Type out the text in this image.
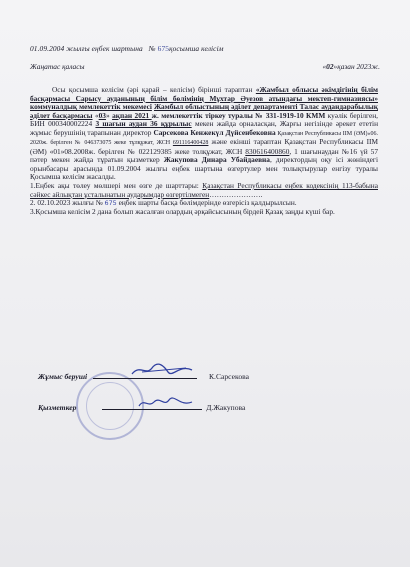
01.09.2004 жылғы еңбек шартына № 675қосымша келісім
Жаңатас қаласы	«02»қазан 2023ж.

Осы қосымша келісім (әрі қарай – келісім) бірінші тараптан «Жамбыл облысы әкімдігінің білім басқармасы Сарысу ауданының білім бөлімінің Мұхтар Әуезов атындағы мектеп-гимназиясы» коммуналдық мемлекеттік мекемесі Жамбыл облыстының әділет департаменті Талас аудандарабылық әділет басқармасы «03» ақпан 2021 ж. мемлекеттік тіркеу туралы № 331-1919-10 КММ куәлік берілген, БИН 000340002224 3 шағын аудан 36 құрылыс мекен жайда орналасқан, Жарғы негізінде әрекет ететін жұмыс берушінің тарапынан директор Сарсекова Кенжекүл Дүйсенбековна Қазақстан Республикасы ІІМ (ӘМ)«06. 2020ж. берілген № 046373075 жеке тұлқұжат, ЖСН 691116400428 және екінші тараптан Қазақстан Республикасы ІІМ (ӘМ) «01»08.2008ж. берілген № 022129385 жеке толқұжат, ЖСН 830616400860, 1 шағынаудан №16 үй 57 пәтер мекен жайда тұратын қызметкер Жакупова Динара Убайдаевна, директордың оқу ісі жөніндегі орынбасары арасында 01.09.2004 жылғы еңбек шартына өзгертулер мен толықтырулар енгізу туралы Қосымша келісім жасалды.

1.Еңбек ақы төлеу мөлшері мен өзге де шарттары: Қазақстан Республикасы еңбек кодексінің 113-бабына сәйкес айлықтан ұсталынатын аударымдар өзгертілмеген………………….

2. 02.10.2023 жылғы № 675 еңбек шарты басқа бөлімдерінде өзгерісіз қалдырылсын.

3.Қосымша келісім 2 дана болып жасалған олардың әрқайсысының бірдей Қазақ заңды күші бар.

Жұмыс беруші	К.Сарсекова
Қызметкер	Д.Жакупова
